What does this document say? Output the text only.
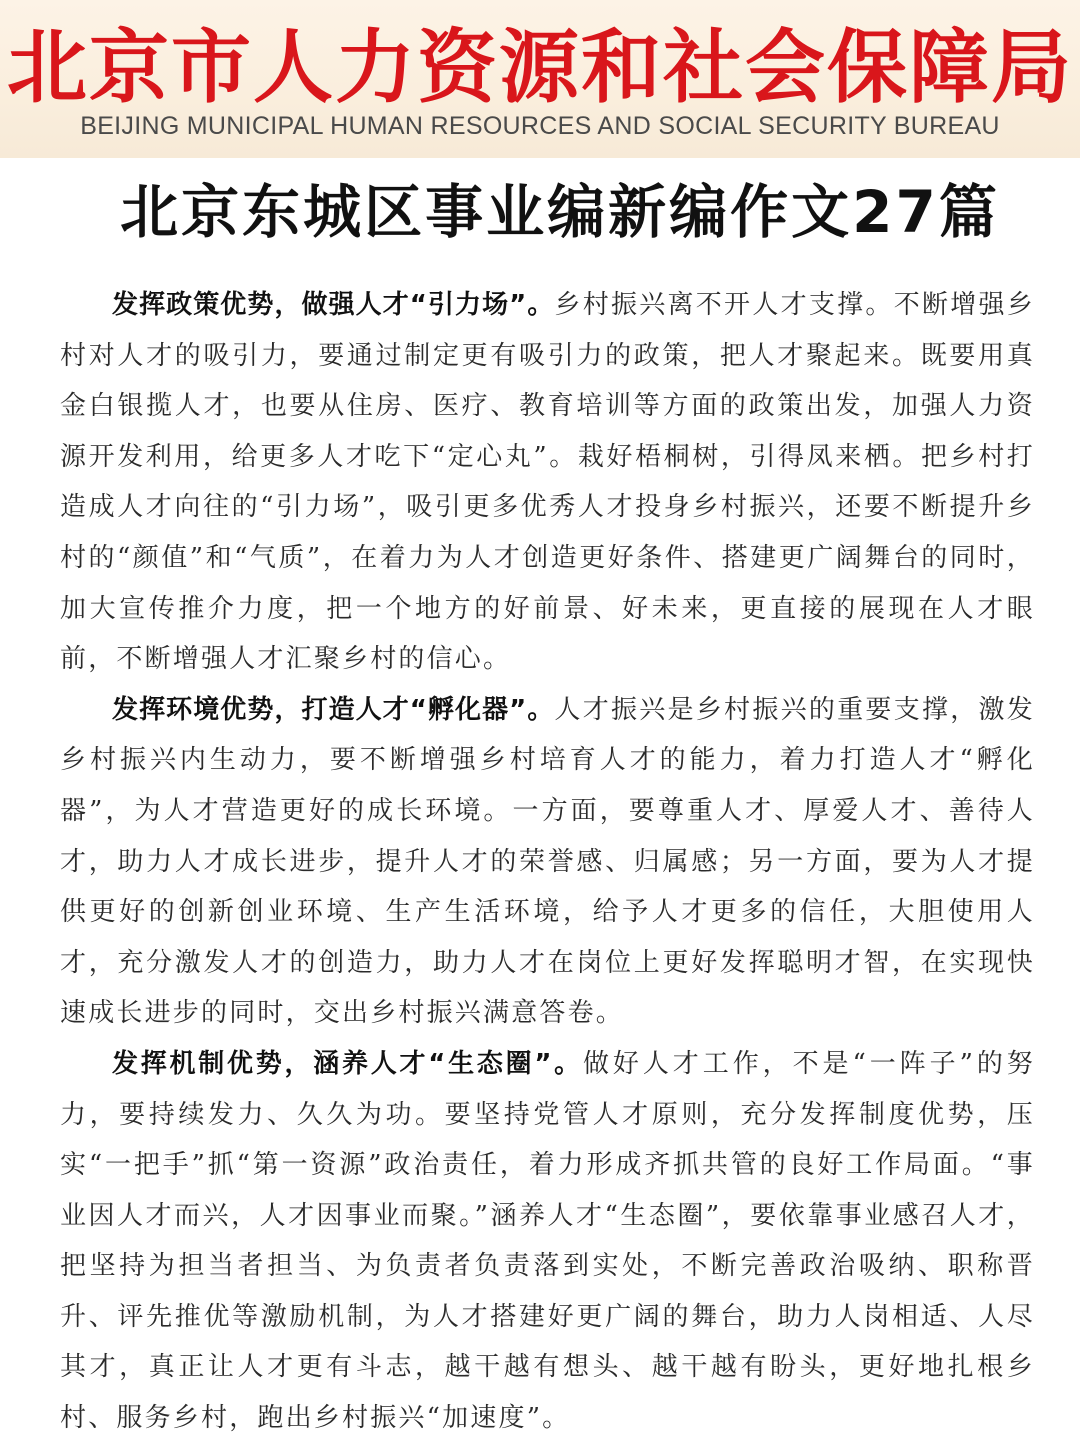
北京市人力资源和社会保障局
BEIJING MUNICIPAL HUMAN RESOURCES AND SOCIAL SECURITY BUREAU
北京东城区事业编新编作文27篇

发挥政策优势，做强人才“引力场”。乡村振兴离不开人才支撑。不断增强乡村对人才的吸引力，要通过制定更有吸引力的政策，把人才聚起来。既要用真金白银揽人才，也要从住房、医疗、教育培训等方面的政策出发，加强人力资源开发利用，给更多人才吃下“定心丸”。栽好梧桐树，引得凤来栖。把乡村打造成人才向往的“引力场”，吸引更多优秀人才投身乡村振兴，还要不断提升乡村的“颜值”和“气质”，在着力为人才创造更好条件、搭建更广阔舞台的同时，加大宣传推介力度，把一个地方的好前景、好未来，更直接的展现在人才眼前，不断增强人才汇聚乡村的信心。

发挥环境优势，打造人才“孵化器”。人才振兴是乡村振兴的重要支撑，激发乡村振兴内生动力，要不断增强乡村培育人才的能力，着力打造人才“孵化器”，为人才营造更好的成长环境。一方面，要尊重人才、厚爱人才、善待人才，助力人才成长进步，提升人才的荣誉感、归属感；另一方面，要为人才提供更好的创新创业环境、生产生活环境，给予人才更多的信任，大胆使用人才，充分激发人才的创造力，助力人才在岗位上更好发挥聪明才智，在实现快速成长进步的同时，交出乡村振兴满意答卷。

发挥机制优势，涵养人才“生态圈”。做好人才工作，不是“一阵子”的努力，要持续发力、久久为功。要坚持党管人才原则，充分发挥制度优势，压实“一把手”抓“第一资源”政治责任，着力形成齐抓共管的良好工作局面。“事业因人才而兴，人才因事业而聚。”涵养人才“生态圈”，要依靠事业感召人才，把坚持为担当者担当、为负责者负责落到实处，不断完善政治吸纳、职称晋升、评先推优等激励机制，为人才搭建好更广阔的舞台，助力人岗相适、人尽其才，真正让人才更有斗志，越干越有想头、越干越有盼头，更好地扎根乡村、服务乡村，跑出乡村振兴“加速度”。
